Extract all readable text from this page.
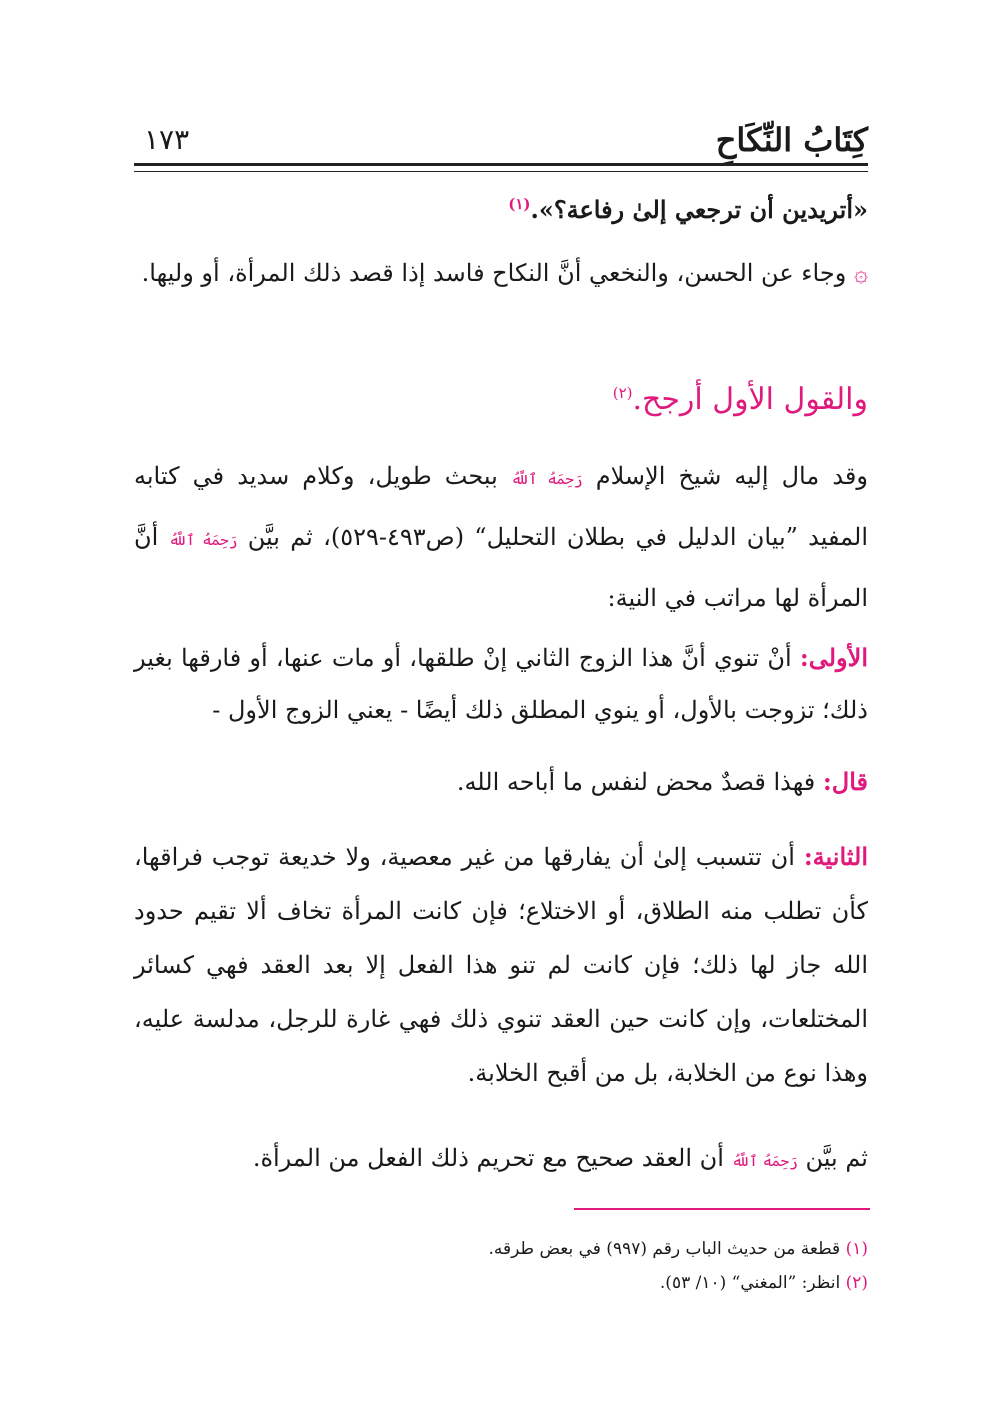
كِتَابُ النِّكَاحِ
١٧٣
«أتريدين أن ترجعي إلىٰ رفاعة؟».$^{(١)}$
۞ وجاء عن الحسن، والنخعي أنَّ النكاح فاسد إذا قصد ذلك المرأة، أو وليها.
والقول الأول أرجح.$^{(٢)}$
وقد مال إليه شيخ الإسلام رَحِمَهُ ٱللَّهُ ببحث طويل، وكلام سديد في كتابه المفيد ”بيان الدليل في بطلان التحليل“ (ص٤٩٣-٥٢٩)، ثم بيَّن رَحِمَهُ ٱللَّهُ أنَّ المرأة لها مراتب في النية:
الأولى: أنْ تنوي أنَّ هذا الزوج الثاني إنْ طلقها، أو مات عنها، أو فارقها بغير ذلك؛ تزوجت بالأول، أو ينوي المطلق ذلك أيضًا - يعني الزوج الأول -
قال: فهذا قصدٌ محض لنفس ما أباحه الله.
الثانية: أن تتسبب إلىٰ أن يفارقها من غير معصية، ولا خديعة توجب فراقها، كأن تطلب منه الطلاق، أو الاختلاع؛ فإن كانت المرأة تخاف ألا تقيم حدود الله جاز لها ذلك؛ فإن كانت لم تنو هذا الفعل إلا بعد العقد فهي كسائر المختلعات، وإن كانت حين العقد تنوي ذلك فهي غارة للرجل، مدلسة عليه، وهذا نوع من الخلابة، بل من أقبح الخلابة.
ثم بيَّن رَحِمَهُ ٱللَّهُ أن العقد صحيح مع تحريم ذلك الفعل من المرأة.
(١) قطعة من حديث الباب رقم (٩٩٧) في بعض طرقه.
(٢) انظر: ”المغني“ (١٠/ ٥٣).
